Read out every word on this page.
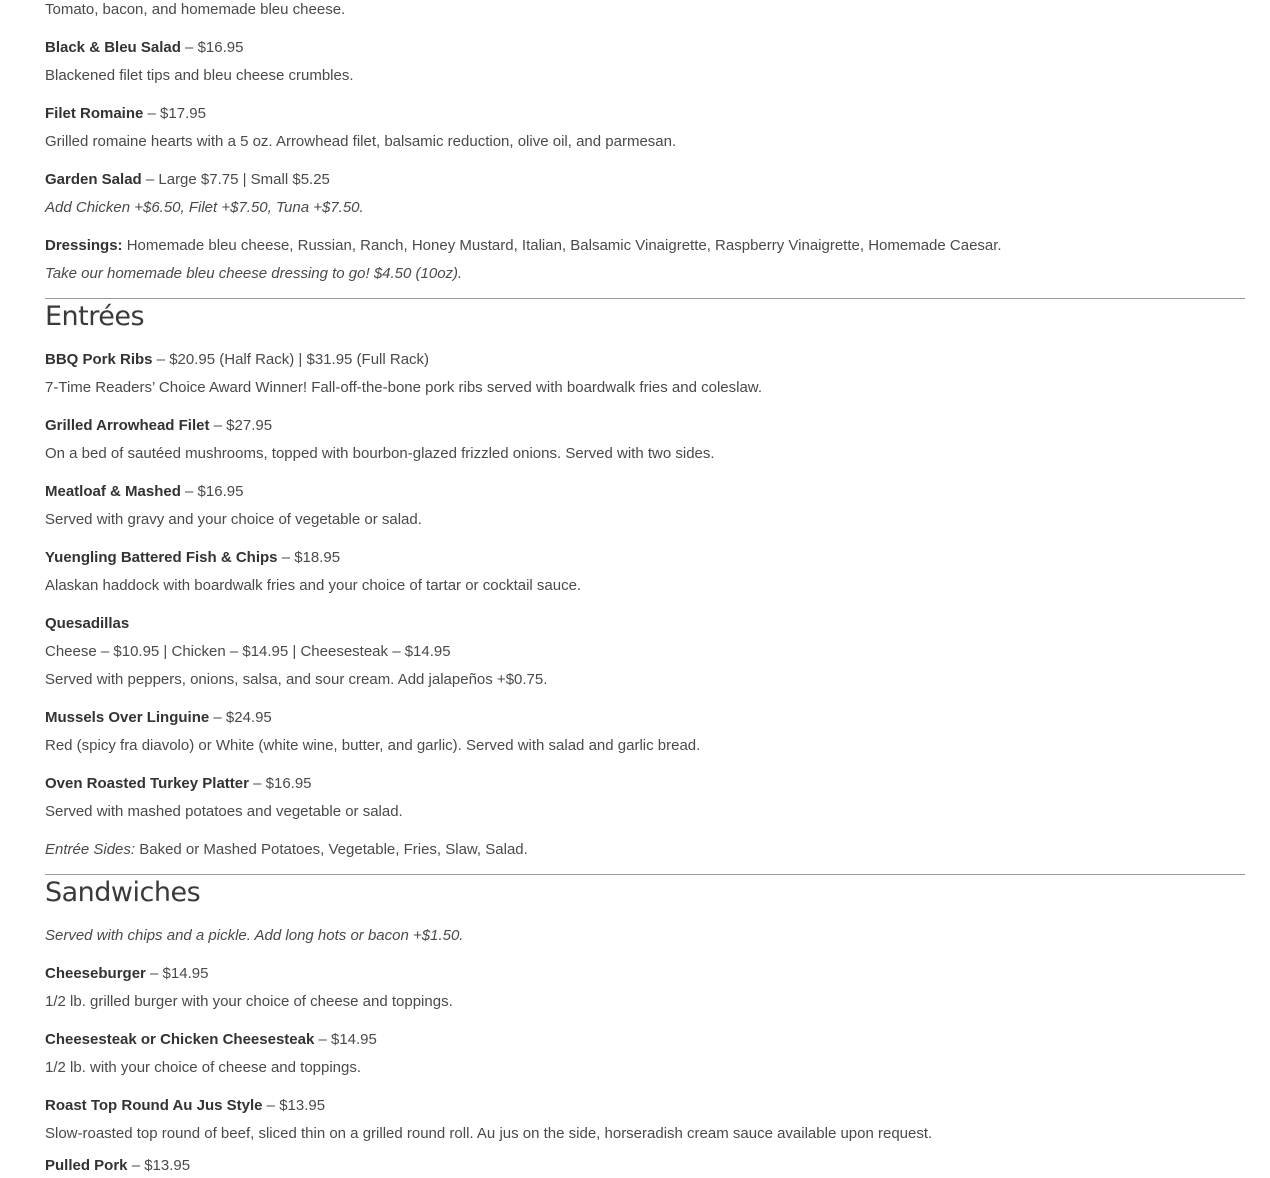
Tomato, bacon, and homemade bleu cheese.
Black & Bleu Salad – $16.95
Blackened filet tips and bleu cheese crumbles.
Filet Romaine – $17.95
Grilled romaine hearts with a 5 oz. Arrowhead filet, balsamic reduction, olive oil, and parmesan.
Garden Salad – Large $7.75 | Small $5.25
Add Chicken +$6.50, Filet +$7.50, Tuna +$7.50.
Dressings: Homemade bleu cheese, Russian, Ranch, Honey Mustard, Italian, Balsamic Vinaigrette, Raspberry Vinaigrette, Homemade Caesar.
Take our homemade bleu cheese dressing to go! $4.50 (10oz).
Entrées
BBQ Pork Ribs – $20.95 (Half Rack) | $31.95 (Full Rack)
7-Time Readers’ Choice Award Winner! Fall-off-the-bone pork ribs served with boardwalk fries and coleslaw.
Grilled Arrowhead Filet – $27.95
On a bed of sautéed mushrooms, topped with bourbon-glazed frizzled onions. Served with two sides.
Meatloaf & Mashed – $16.95
Served with gravy and your choice of vegetable or salad.
Yuengling Battered Fish & Chips – $18.95
Alaskan haddock with boardwalk fries and your choice of tartar or cocktail sauce.
Quesadillas
Cheese – $10.95 | Chicken – $14.95 | Cheesesteak – $14.95
Served with peppers, onions, salsa, and sour cream. Add jalapeños +$0.75.
Mussels Over Linguine – $24.95
Red (spicy fra diavolo) or White (white wine, butter, and garlic). Served with salad and garlic bread.
Oven Roasted Turkey Platter – $16.95
Served with mashed potatoes and vegetable or salad.
Entrée Sides: Baked or Mashed Potatoes, Vegetable, Fries, Slaw, Salad.
Sandwiches
Served with chips and a pickle. Add long hots or bacon +$1.50.
Cheeseburger – $14.95
1/2 lb. grilled burger with your choice of cheese and toppings.
Cheesesteak or Chicken Cheesesteak – $14.95
1/2 lb. with your choice of cheese and toppings.
Roast Top Round Au Jus Style – $13.95
Slow-roasted top round of beef, sliced thin on a grilled round roll. Au jus on the side, horseradish cream sauce available upon request.
Pulled Pork – $13.95
